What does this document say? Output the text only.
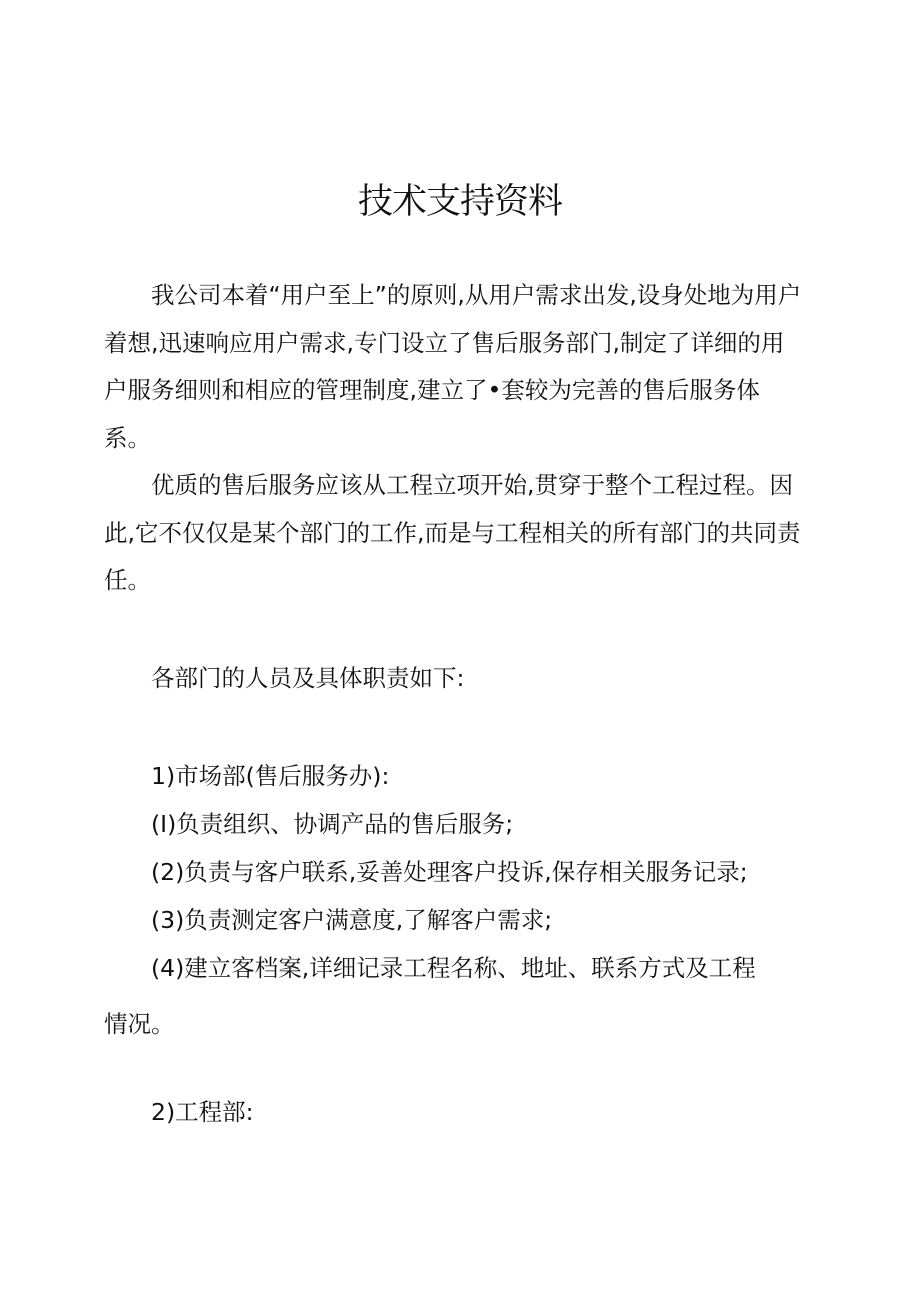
技术支持资料

我公司本着“用户至上”的原则,从用户需求出发,设身处地为用户着想,迅速响应用户需求,专门设立了售后服务部门,制定了详细的用户服务细则和相应的管理制度,建立了•套较为完善的售后服务体系。

优质的售后服务应该从工程立项开始,贯穿于整个工程过程。因此,它不仅仅是某个部门的工作,而是与工程相关的所有部门的共同责任。

各部门的人员及具体职责如下:

1)市场部(售后服务办):

(I)负责组织、协调产品的售后服务;

(2)负责与客户联系,妥善处理客户投诉,保存相关服务记录;

(3)负责测定客户满意度,了解客户需求;

(4)建立客档案,详细记录工程名称、地址、联系方式及工程

情况。

2)工程部:
